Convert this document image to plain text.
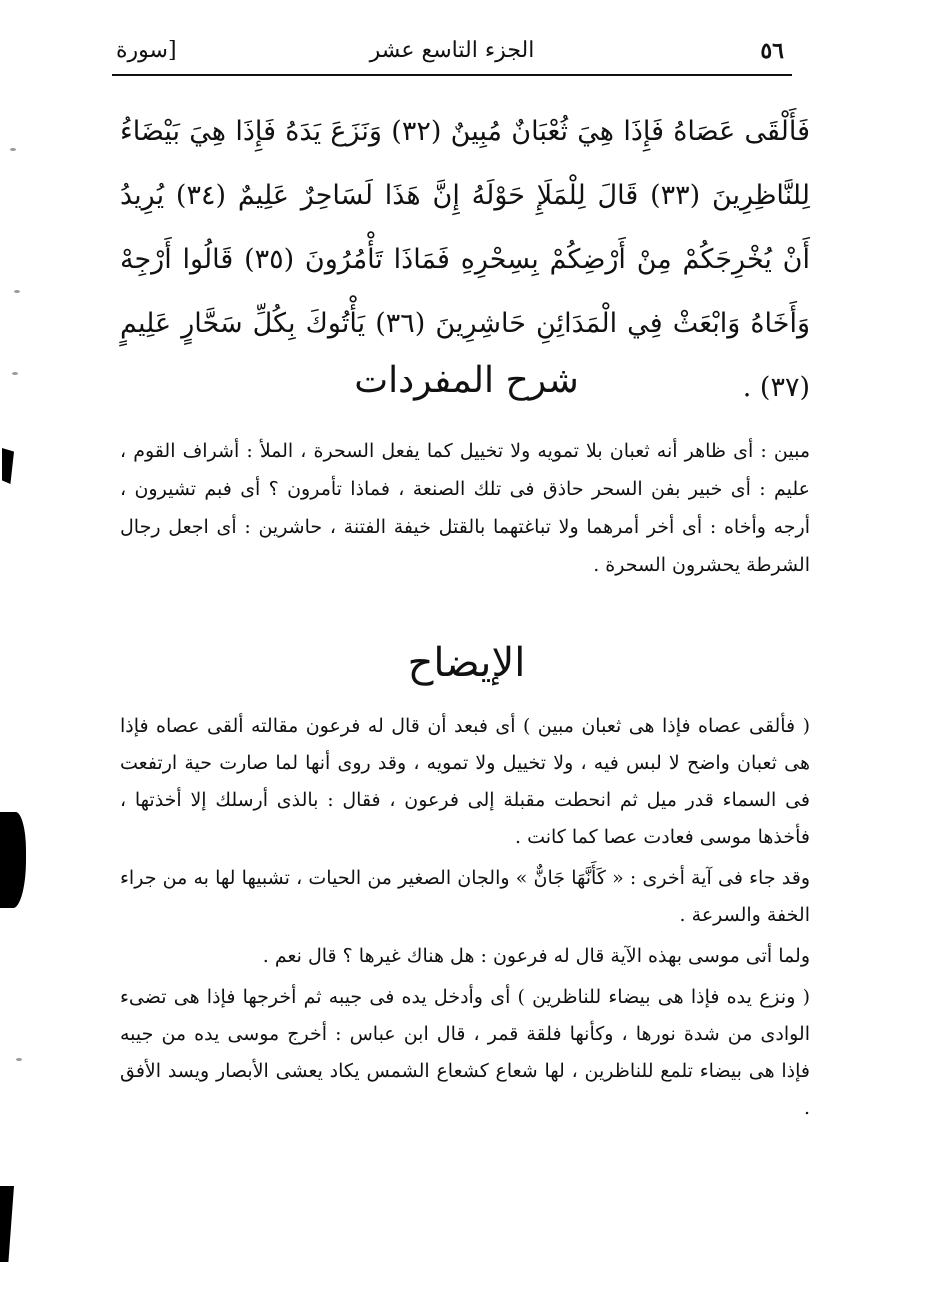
٥٦
الجزء التاسع عشر
[سورة
فَأَلْقَى عَصَاهُ فَإِذَا هِيَ ثُعْبَانٌ مُبِينٌ (٣٢) وَنَزَعَ يَدَهُ فَإِذَا هِيَ بَيْضَاءُ لِلنَّاظِرِينَ (٣٣) قَالَ لِلْمَلَإِ حَوْلَهُ إِنَّ هَذَا لَسَاحِرٌ عَلِيمٌ (٣٤) يُرِيدُ أَنْ يُخْرِجَكُمْ مِنْ أَرْضِكُمْ بِسِحْرِهِ فَمَاذَا تَأْمُرُونَ (٣٥) قَالُوا أَرْجِهْ وَأَخَاهُ وَابْعَثْ فِي الْمَدَائِنِ حَاشِرِينَ (٣٦) يَأْتُوكَ بِكُلِّ سَحَّارٍ عَلِيمٍ (٣٧) .
شرح المفردات
مبين : أى ظاهر أنه ثعبان بلا تمويه ولا تخييل كما يفعل السحرة ، الملأ : أشراف القوم ، عليم : أى خبير بفن السحر حاذق فى تلك الصنعة ، فماذا تأمرون ؟ أى فبم تشيرون ، أرجه وأخاه : أى أخر أمرهما ولا تباغتهما بالقتل خيفة الفتنة ، حاشرين : أى اجعل رجال الشرطة يحشرون السحرة .
الإيضاح

( فألقى عصاه فإذا هى ثعبان مبين ) أى فبعد أن قال له فرعون مقالته ألقى عصاه فإذا هى ثعبان واضح لا لبس فيه ، ولا تخييل ولا تمويه ، وقد روى أنها لما صارت حية ارتفعت فى السماء قدر ميل ثم انحطت مقبلة إلى فرعون ، فقال : بالذى أرسلك إلا أخذتها ، فأخذها موسى فعادت عصا كما كانت .

وقد جاء فى آية أخرى : « كَأَنَّهَا جَانٌّ » والجان الصغير من الحيات ، تشبيها لها به من جراء الخفة والسرعة .

ولما أتى موسى بهذه الآية قال له فرعون : هل هناك غيرها ؟ قال نعم .

( ونزع يده فإذا هى بيضاء للناظرين ) أى وأدخل يده فى جيبه ثم أخرجها فإذا هى تضىء الوادى من شدة نورها ، وكأنها فلقة قمر ، قال ابن عباس : أخرج موسى يده من جيبه فإذا هى بيضاء تلمع للناظرين ، لها شعاع كشعاع الشمس يكاد يعشى الأبصار ويسد الأفق .
